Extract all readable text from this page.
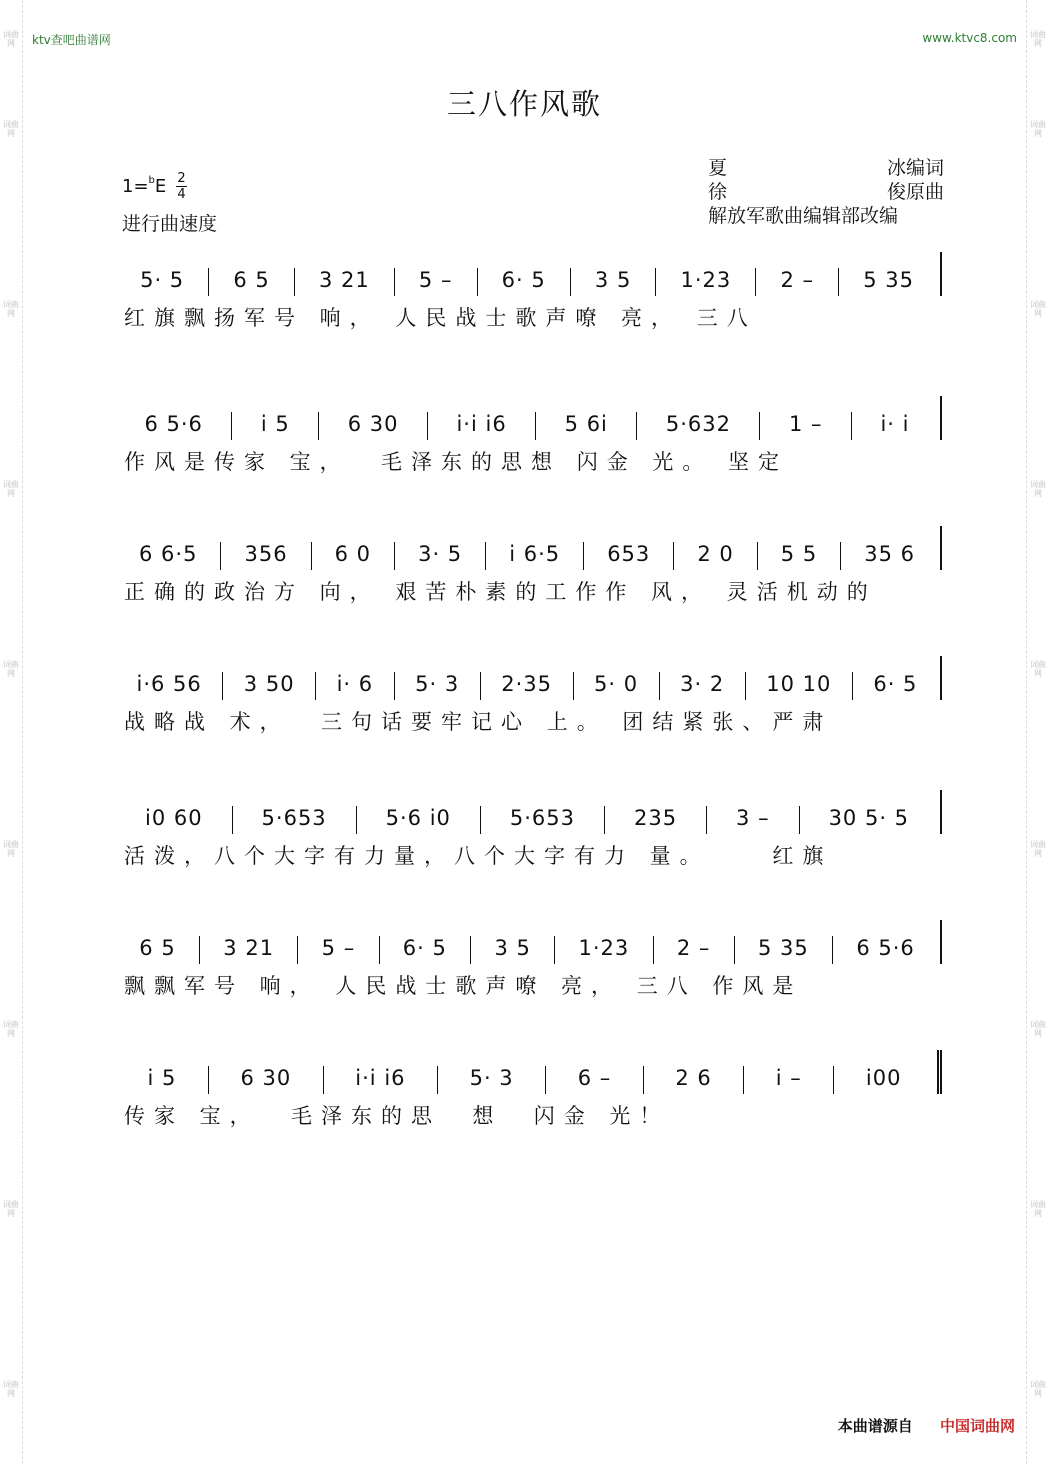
词曲网
词曲网
词曲网
词曲网
词曲网
词曲网
词曲网
词曲网
词曲网
词曲网
词曲网
词曲网
词曲网
词曲网
词曲网
词曲网
词曲网
词曲网
ktv查吧曲谱网	www.ktvc8.com
三八作风歌
1=$^b$E 2
4
进行曲速度
夏	冰编词
徐	俊原曲
解放军歌曲编辑部改编
5· 5	6 5	3 21	5 –	6· 5	3 5	1·23	2 –	5 35
红旗飘扬军号 响， 人民战士歌声嘹 亮， 三八
6 5·6	i 5	6 30	i·i i6	5 6i	5·632	1 –	i· i
作风是传家 宝，  毛泽东的思想 闪金 光。 坚定
6 6·5	356	6 0	3· 5	i 6·5	653	2 0	5 5	35 6
正确的政治方 向， 艰苦朴素的工作作 风， 灵活机动的
i·6 56	3 50	i· 6	5· 3	2·35	5· 0	3· 2	10 10	6· 5
战略战 术，  三句话要牢记心 上。 团结紧张、严肃
i0 60	5·653	5·6 i0	5·653	235	3 –	30 5· 5
活泼，八个大字有力量，八个大字有力 量。    红旗
6 5	3 21	5 –	6· 5	3 5	1·23	2 –	5 35	6 5·6
飘飘军号 响， 人民战士歌声嘹 亮， 三八 作风是
i 5	6 30	i·i i6	5· 3	6 –	2 6	i –	i00
传家 宝，  毛泽东的思  想  闪金 光！
本曲谱源自 中国词曲网
